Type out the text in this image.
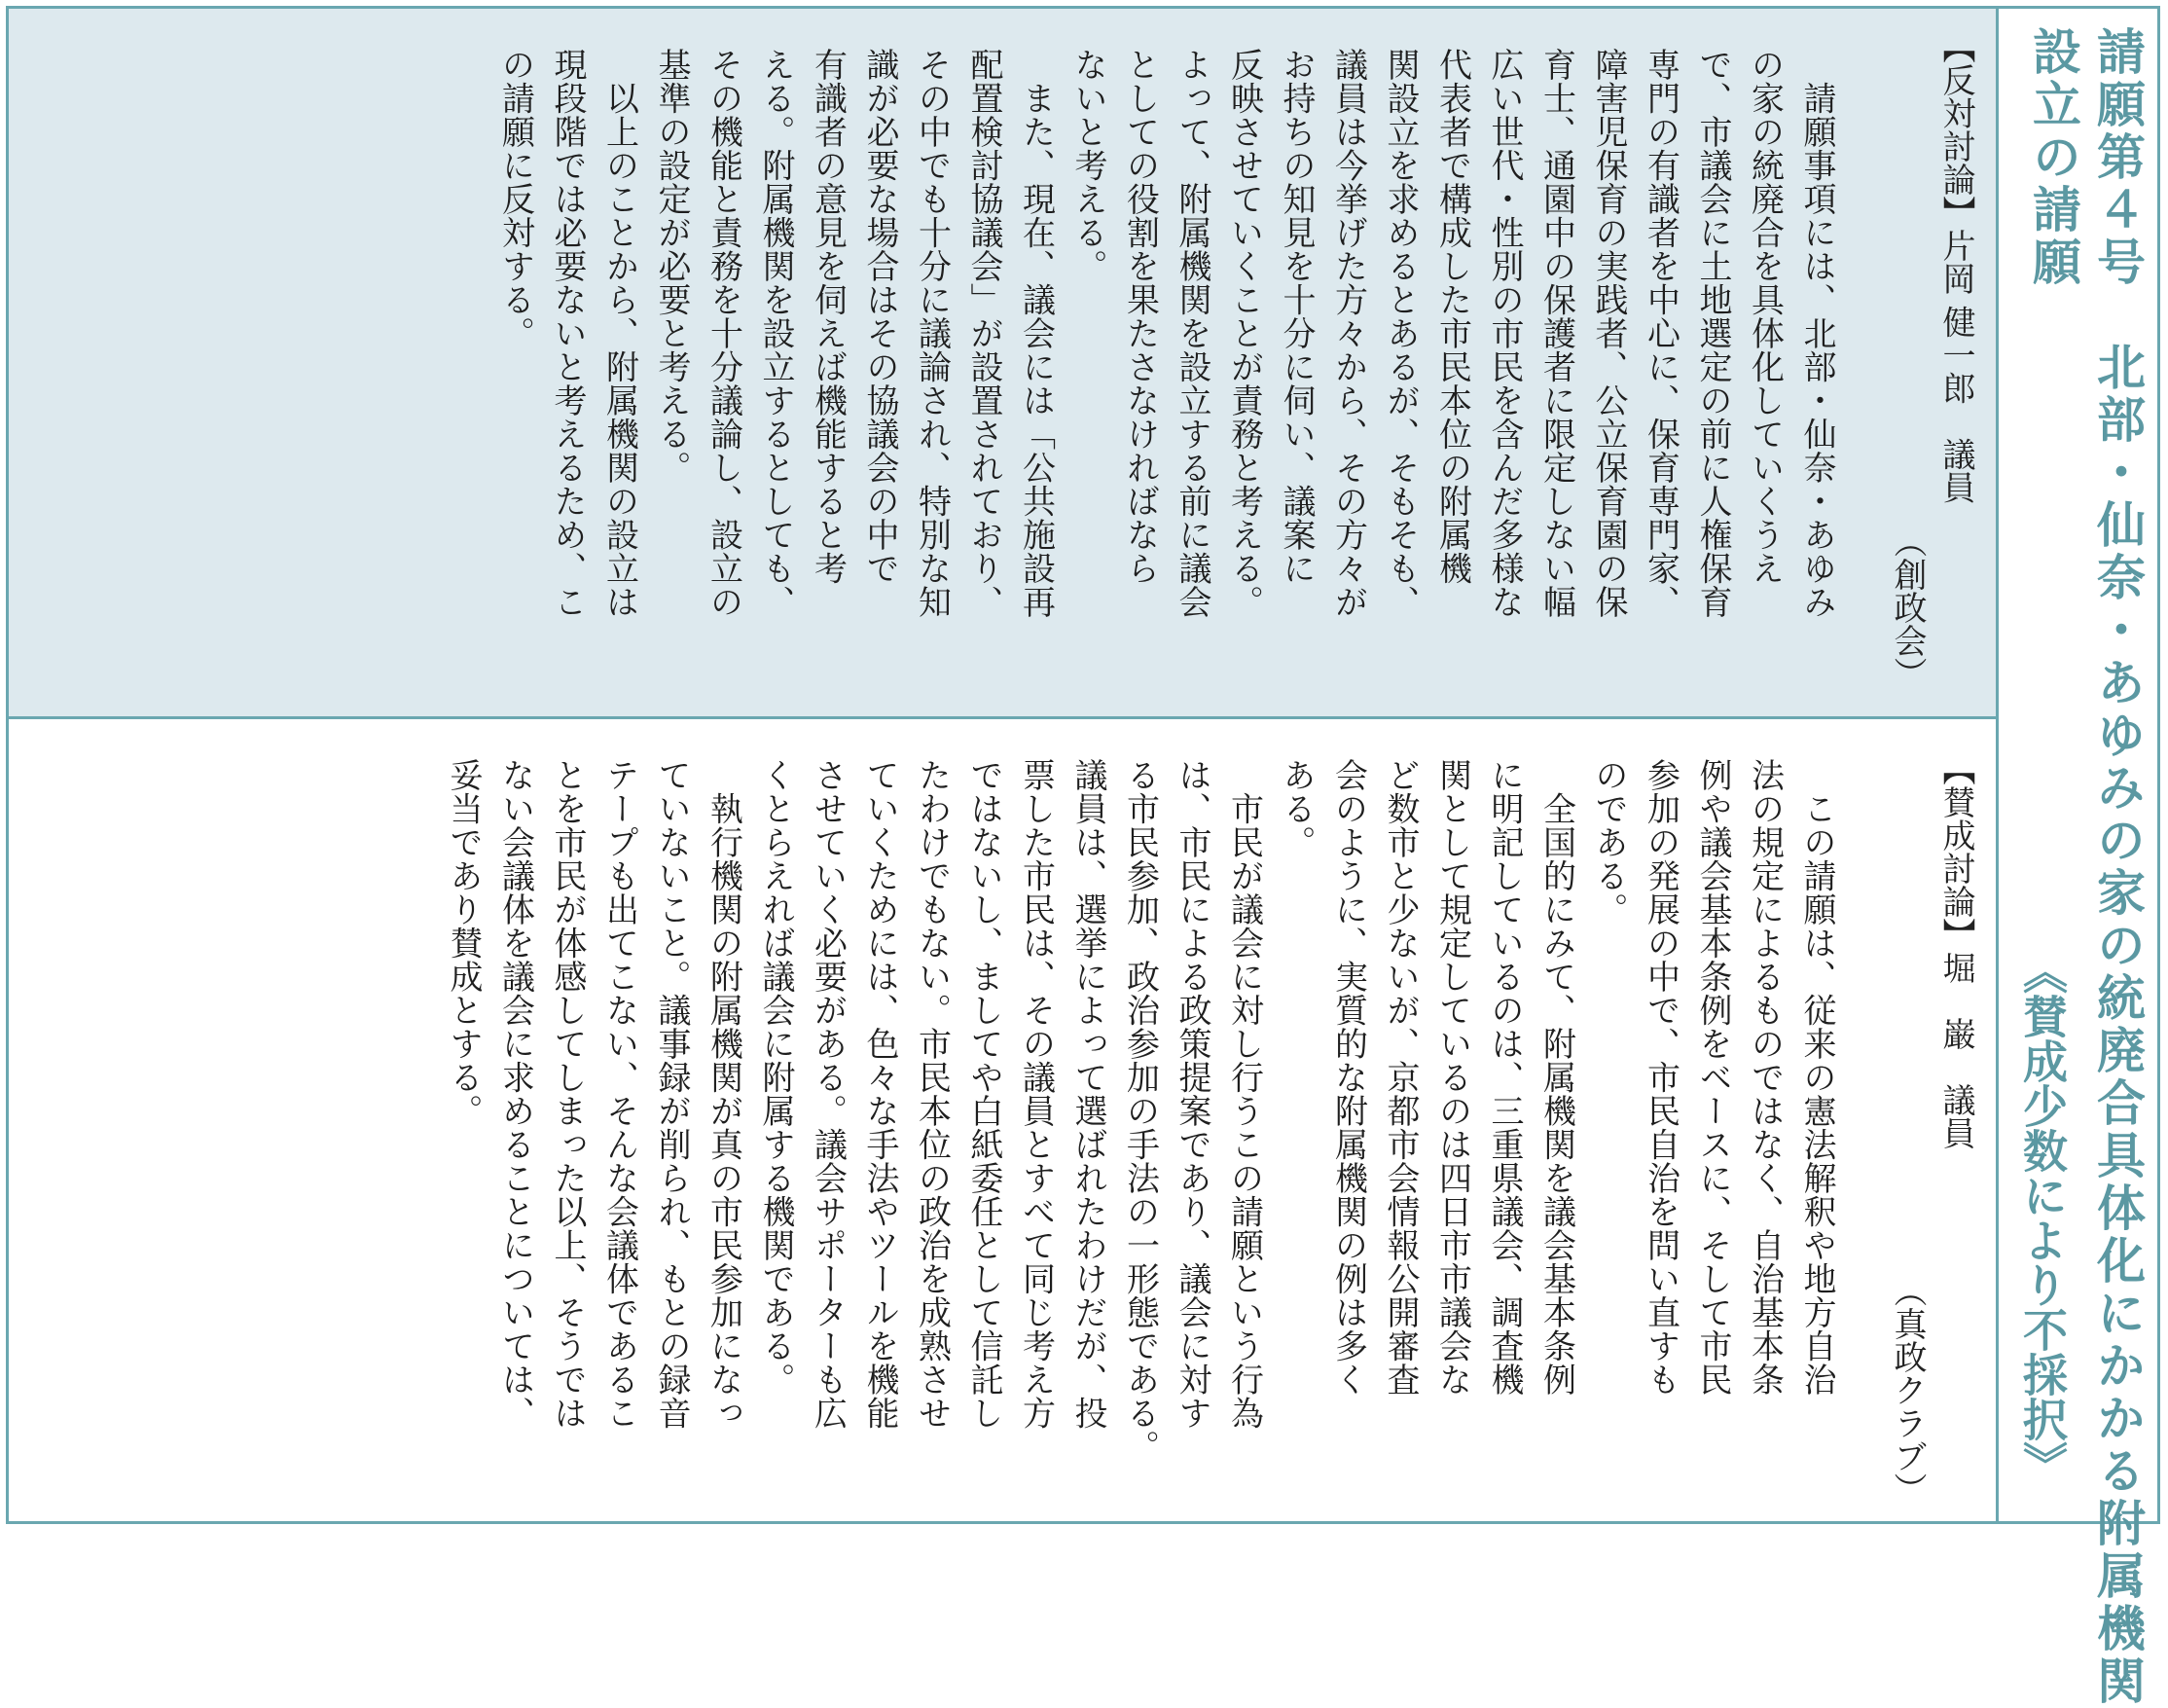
請願第４号　北部・仙奈・あゆみの家の統廃合具体化にかかる附属機関
設立の請願

《賛成少数により不採択》

【反対討論】片岡 健一郎　議員

（創政会）

　請願事項には、北部・仙奈・あゆみ
の家の統廃合を具体化していくうえ
で、市議会に土地選定の前に人権保育
専門の有識者を中心に、保育専門家、
障害児保育の実践者、公立保育園の保
育士、通園中の保護者に限定しない幅
広い世代・性別の市民を含んだ多様な
代表者で構成した市民本位の附属機
関設立を求めるとあるが、そもそも、
議員は今挙げた方々から、その方々が
お持ちの知見を十分に伺い、議案に
反映させていくことが責務と考える。
よって、附属機関を設立する前に議会
としての役割を果たさなければなら
ないと考える。
　また、現在、議会には「公共施設再
配置検討協議会」が設置されており、
その中でも十分に議論され、特別な知
識が必要な場合はその協議会の中で
有識者の意見を伺えば機能すると考
える。附属機関を設立するとしても、
その機能と責務を十分議論し、設立の
基準の設定が必要と考える。
　以上のことから、附属機関の設立は
現段階では必要ないと考えるため、こ
の請願に反対する。

【賛成討論】堀　巌　議員

（真政クラブ）

　この請願は、従来の憲法解釈や地方自治
法の規定によるものではなく、自治基本条
例や議会基本条例をベースに、そして市民
参加の発展の中で、市民自治を問い直すも
のである。
　全国的にみて、附属機関を議会基本条例
に明記しているのは、三重県議会、調査機
関として規定しているのは四日市市議会な
ど数市と少ないが、京都市会情報公開審査
会のように、実質的な附属機関の例は多く
ある。
　市民が議会に対し行うこの請願という行為
は、市民による政策提案であり、議会に対す
る市民参加、政治参加の手法の一形態である。
議員は、選挙によって選ばれたわけだが、投
票した市民は、その議員とすべて同じ考え方
ではないし、ましてや白紙委任として信託し
たわけでもない。市民本位の政治を成熟させ
ていくためには、色々な手法やツールを機能
させていく必要がある。議会サポーターも広
くとらえれば議会に附属する機関である。
　執行機関の附属機関が真の市民参加になっ
ていないこと。議事録が削られ、もとの録音
テープも出てこない、そんな会議体であるこ
とを市民が体感してしまった以上、そうでは
ない会議体を議会に求めることについては、
妥当であり賛成とする。
